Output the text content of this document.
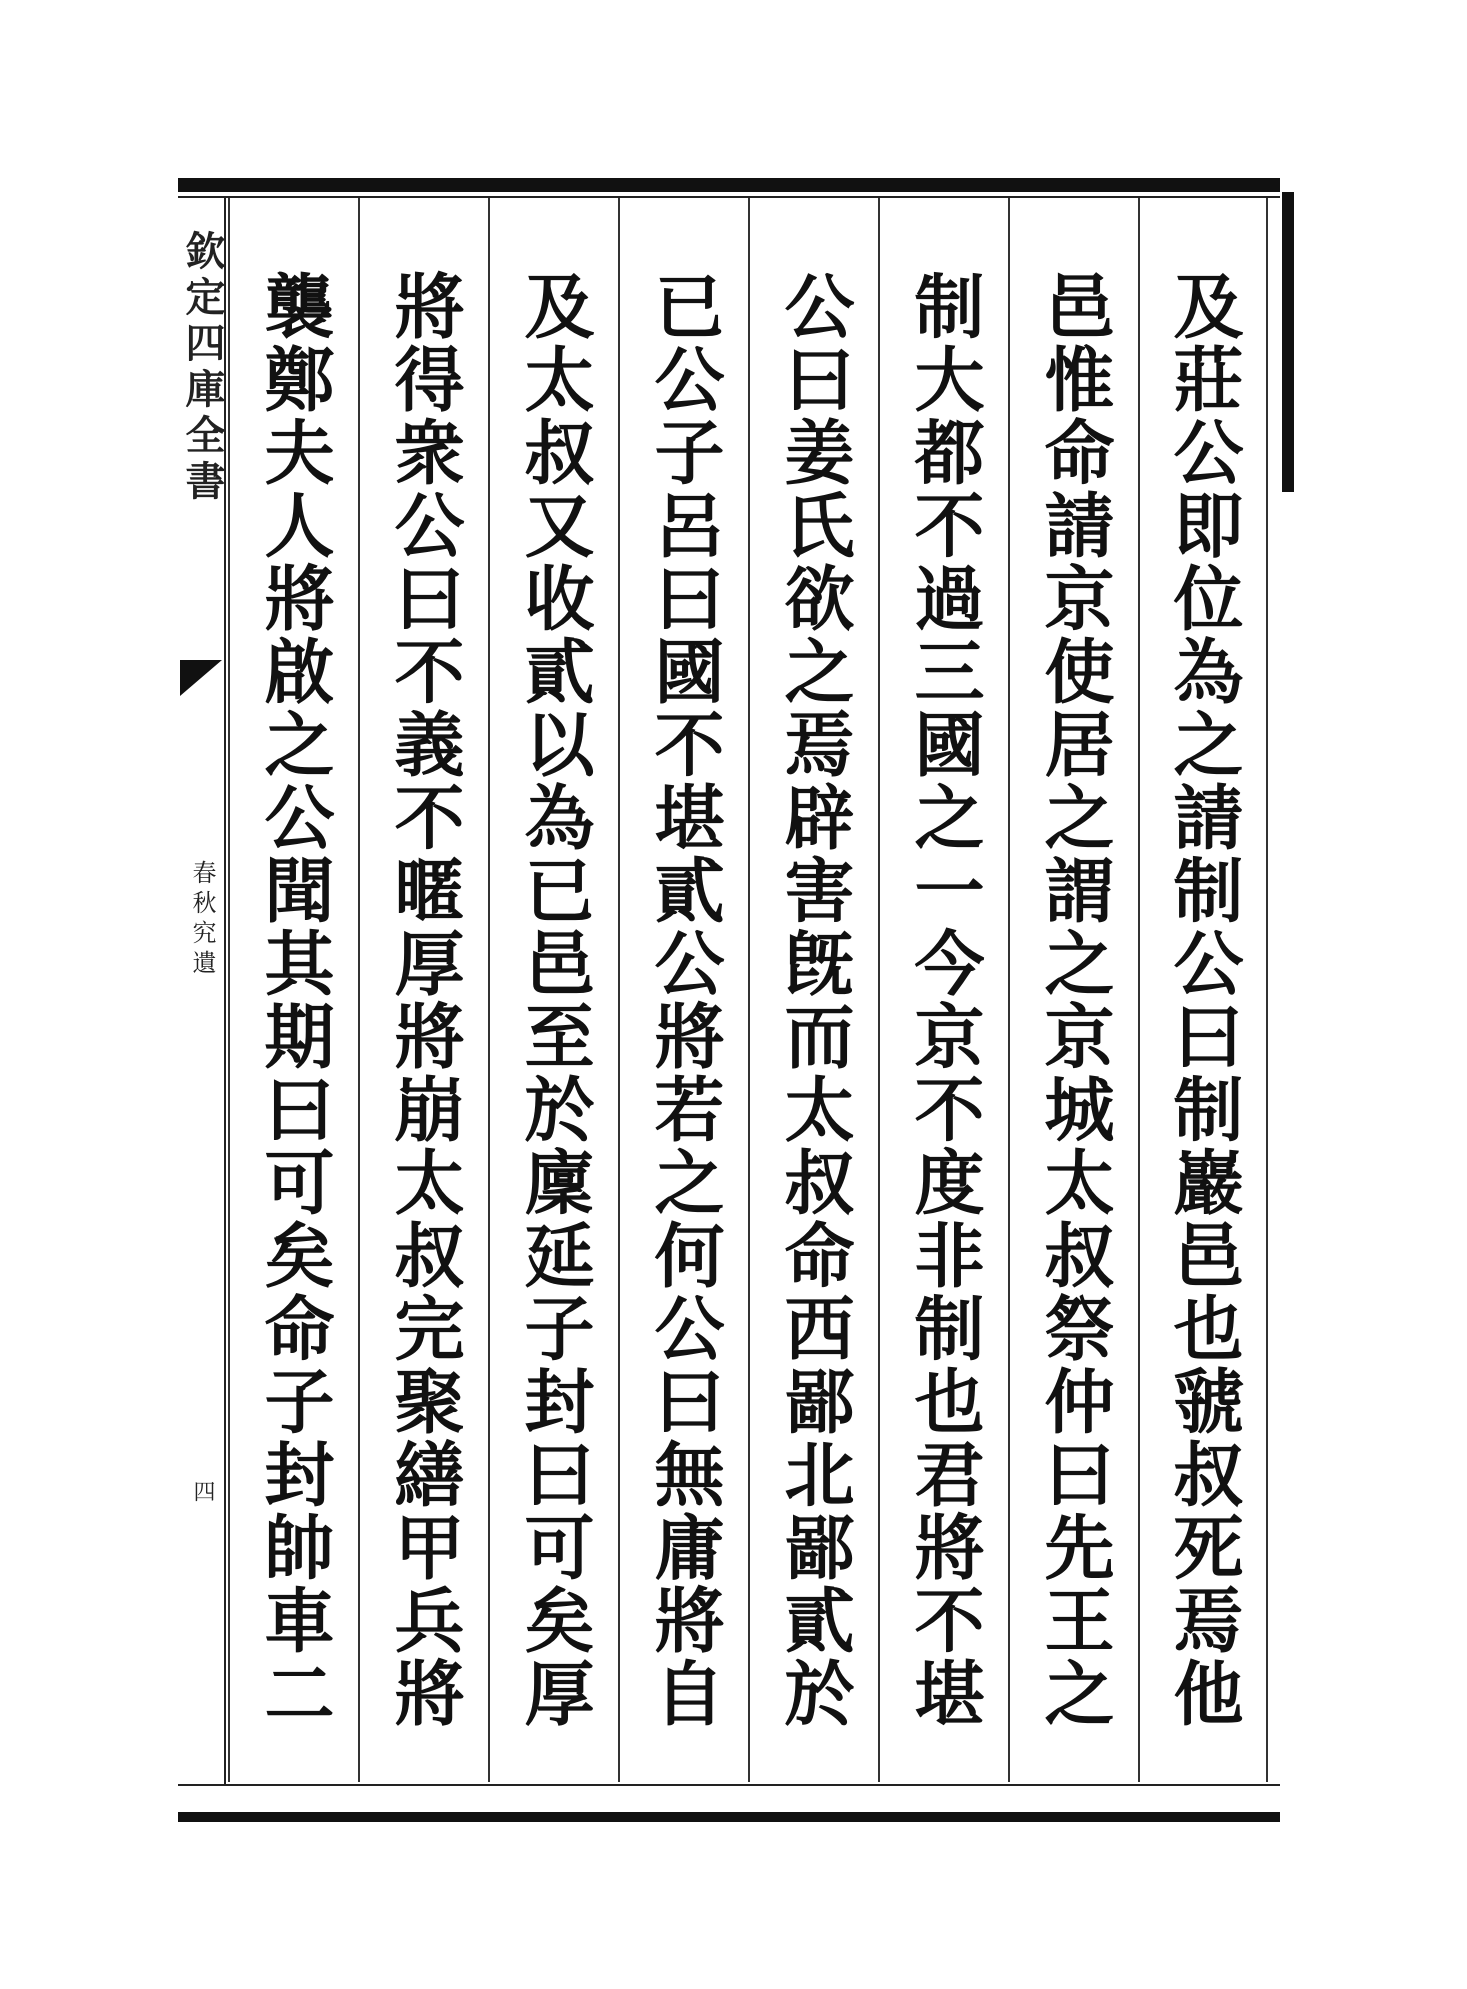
欽定四庫全書
春秋究遺
四	及莊公即位為之請制公曰制巖邑也虢叔死焉他
邑惟命請京使居之謂之京城太叔祭仲曰先王之
制大都不過三國之一今京不度非制也君將不堪
公曰姜氏欲之焉辟害旣而太叔命西鄙北鄙貳於
已公子呂曰國不堪貳公將若之何公曰無庸將自
及太叔又收貳以為已邑至於廩延子封曰可矣厚
將得衆公曰不義不暱厚將崩太叔完聚繕甲兵將
襲鄭夫人將啟之公聞其期曰可矣命子封帥車二
